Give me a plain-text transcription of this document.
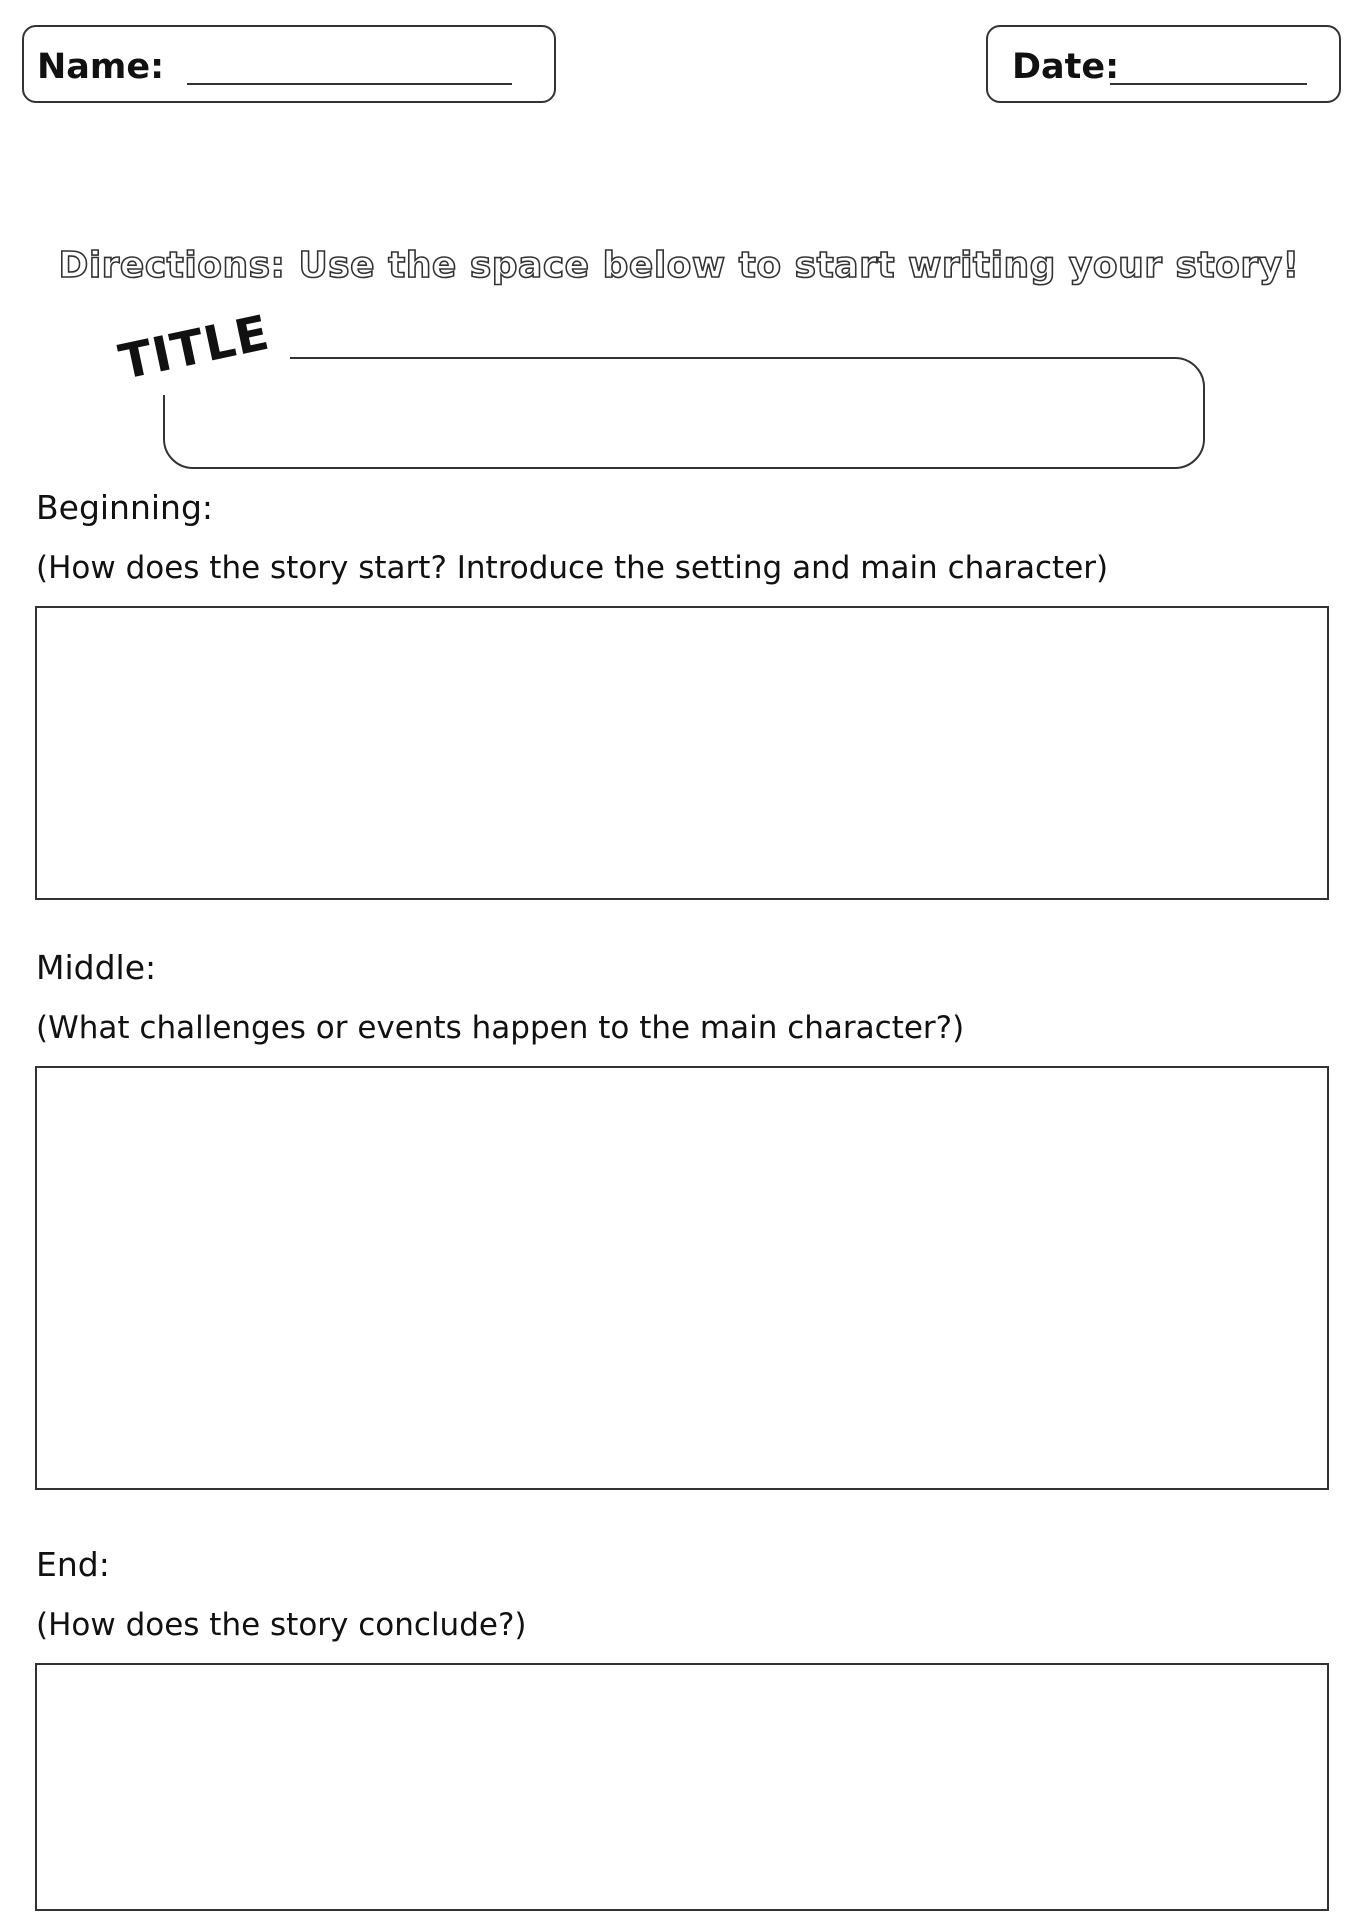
Name:	Date:
Directions: Use the space below to start writing your story!
TITLE
Beginning:
(How does the story start? Introduce the setting and main character)
Middle:
(What challenges or events happen to the main character?)
End:
(How does the story conclude?)
